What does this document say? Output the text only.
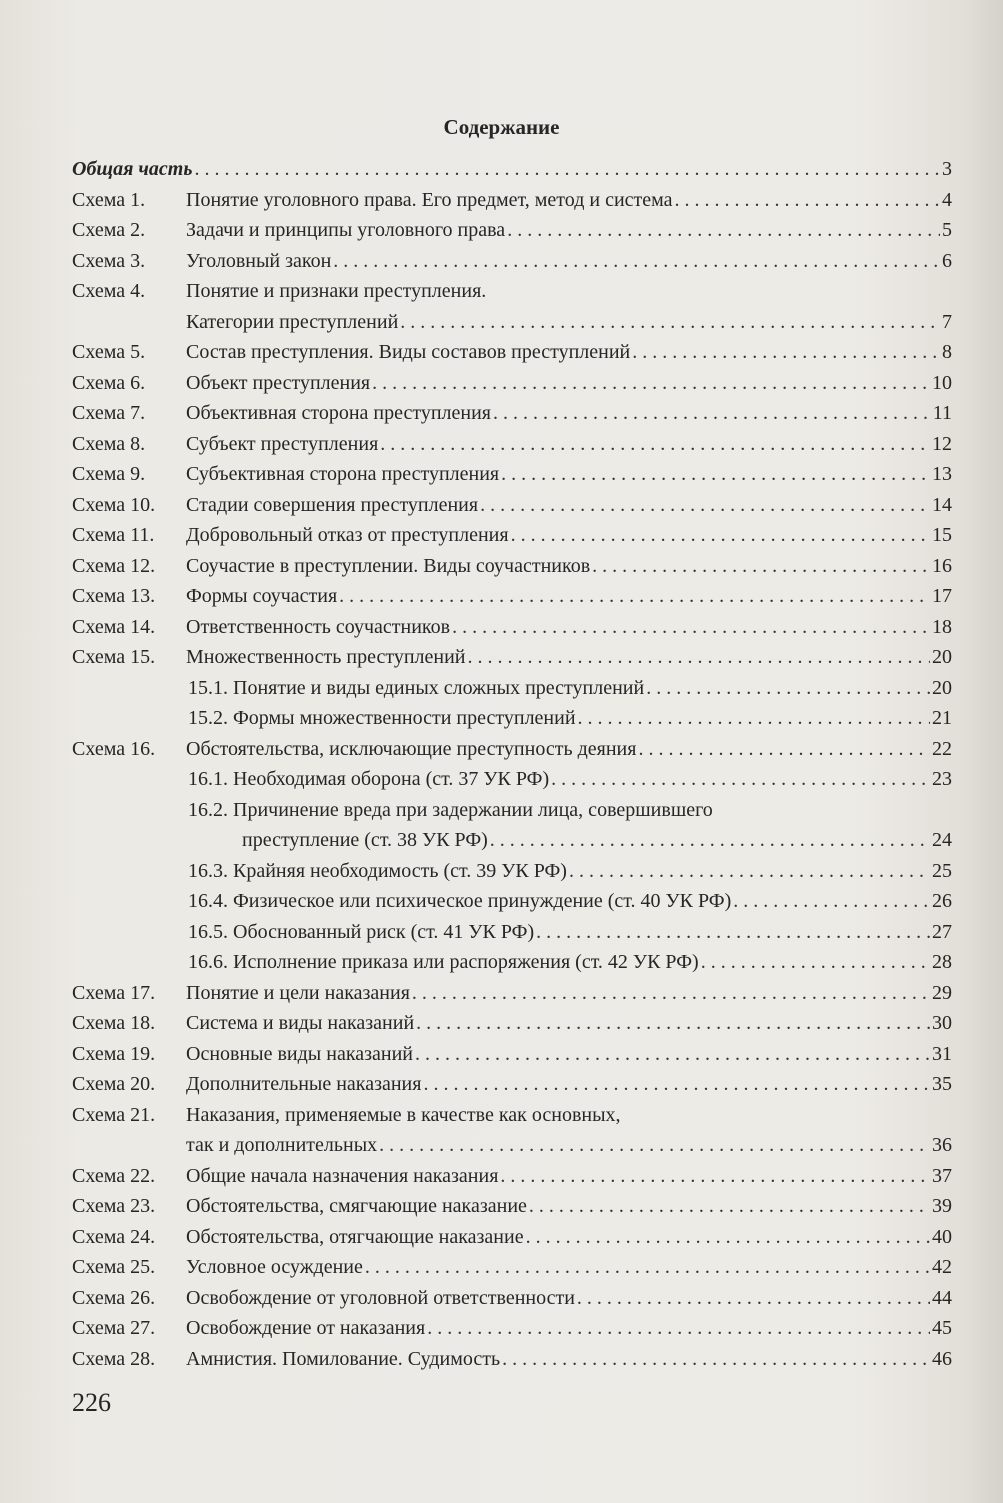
Содержание
Общая часть . . .	3
Схема 1. Понятие уголовного права. Его предмет, метод и система . . .	4
Схема 2. Задачи и принципы уголовного права . . .	5
Схема 3. Уголовный закон . . .	6
Схема 4. Понятие и признаки преступления.
Категории преступлений . . .	7
Схема 5. Состав преступления. Виды составов преступлений . . .	8
Схема 6. Объект преступления . . .	10
Схема 7. Объективная сторона преступления . . .	11
Схема 8. Субъект преступления . . .	12
Схема 9. Субъективная сторона преступления . . .	13
Схема 10. Стадии совершения преступления . . .	14
Схема 11. Добровольный отказ от преступления . . .	15
Схема 12. Соучастие в преступлении. Виды соучастников . . .	16
Схема 13. Формы соучастия . . .	17
Схема 14. Ответственность соучастников . . .	18
Схема 15. Множественность преступлений . . .	20
15.1. Понятие и виды единых сложных преступлений . . .	20
15.2. Формы множественности преступлений . . .	21
Схема 16. Обстоятельства, исключающие преступность деяния . . .	22
16.1. Необходимая оборона (ст. 37 УК РФ) . . .	23
16.2. Причинение вреда при задержании лица, совершившего
преступление (ст. 38 УК РФ) . . .	24
16.3. Крайняя необходимость (ст. 39 УК РФ) . . .	25
16.4. Физическое или психическое принуждение (ст. 40 УК РФ) . . .	26
16.5. Обоснованный риск (ст. 41 УК РФ) . . .	27
16.6. Исполнение приказа или распоряжения (ст. 42 УК РФ) . . .	28
Схема 17. Понятие и цели наказания . . .	29
Схема 18. Система и виды наказаний . . .	30
Схема 19. Основные виды наказаний . . .	31
Схема 20. Дополнительные наказания . . .	35
Схема 21. Наказания, применяемые в качестве как основных,
так и дополнительных . . .	36
Схема 22. Общие начала назначения наказания . . .	37
Схема 23. Обстоятельства, смягчающие наказание . . .	39
Схема 24. Обстоятельства, отягчающие наказание . . .	40
Схема 25. Условное осуждение . . .	42
Схема 26. Освобождение от уголовной ответственности . . .	44
Схема 27. Освобождение от наказания . . .	45
Схема 28. Амнистия. Помилование. Судимость . . .	46
226
